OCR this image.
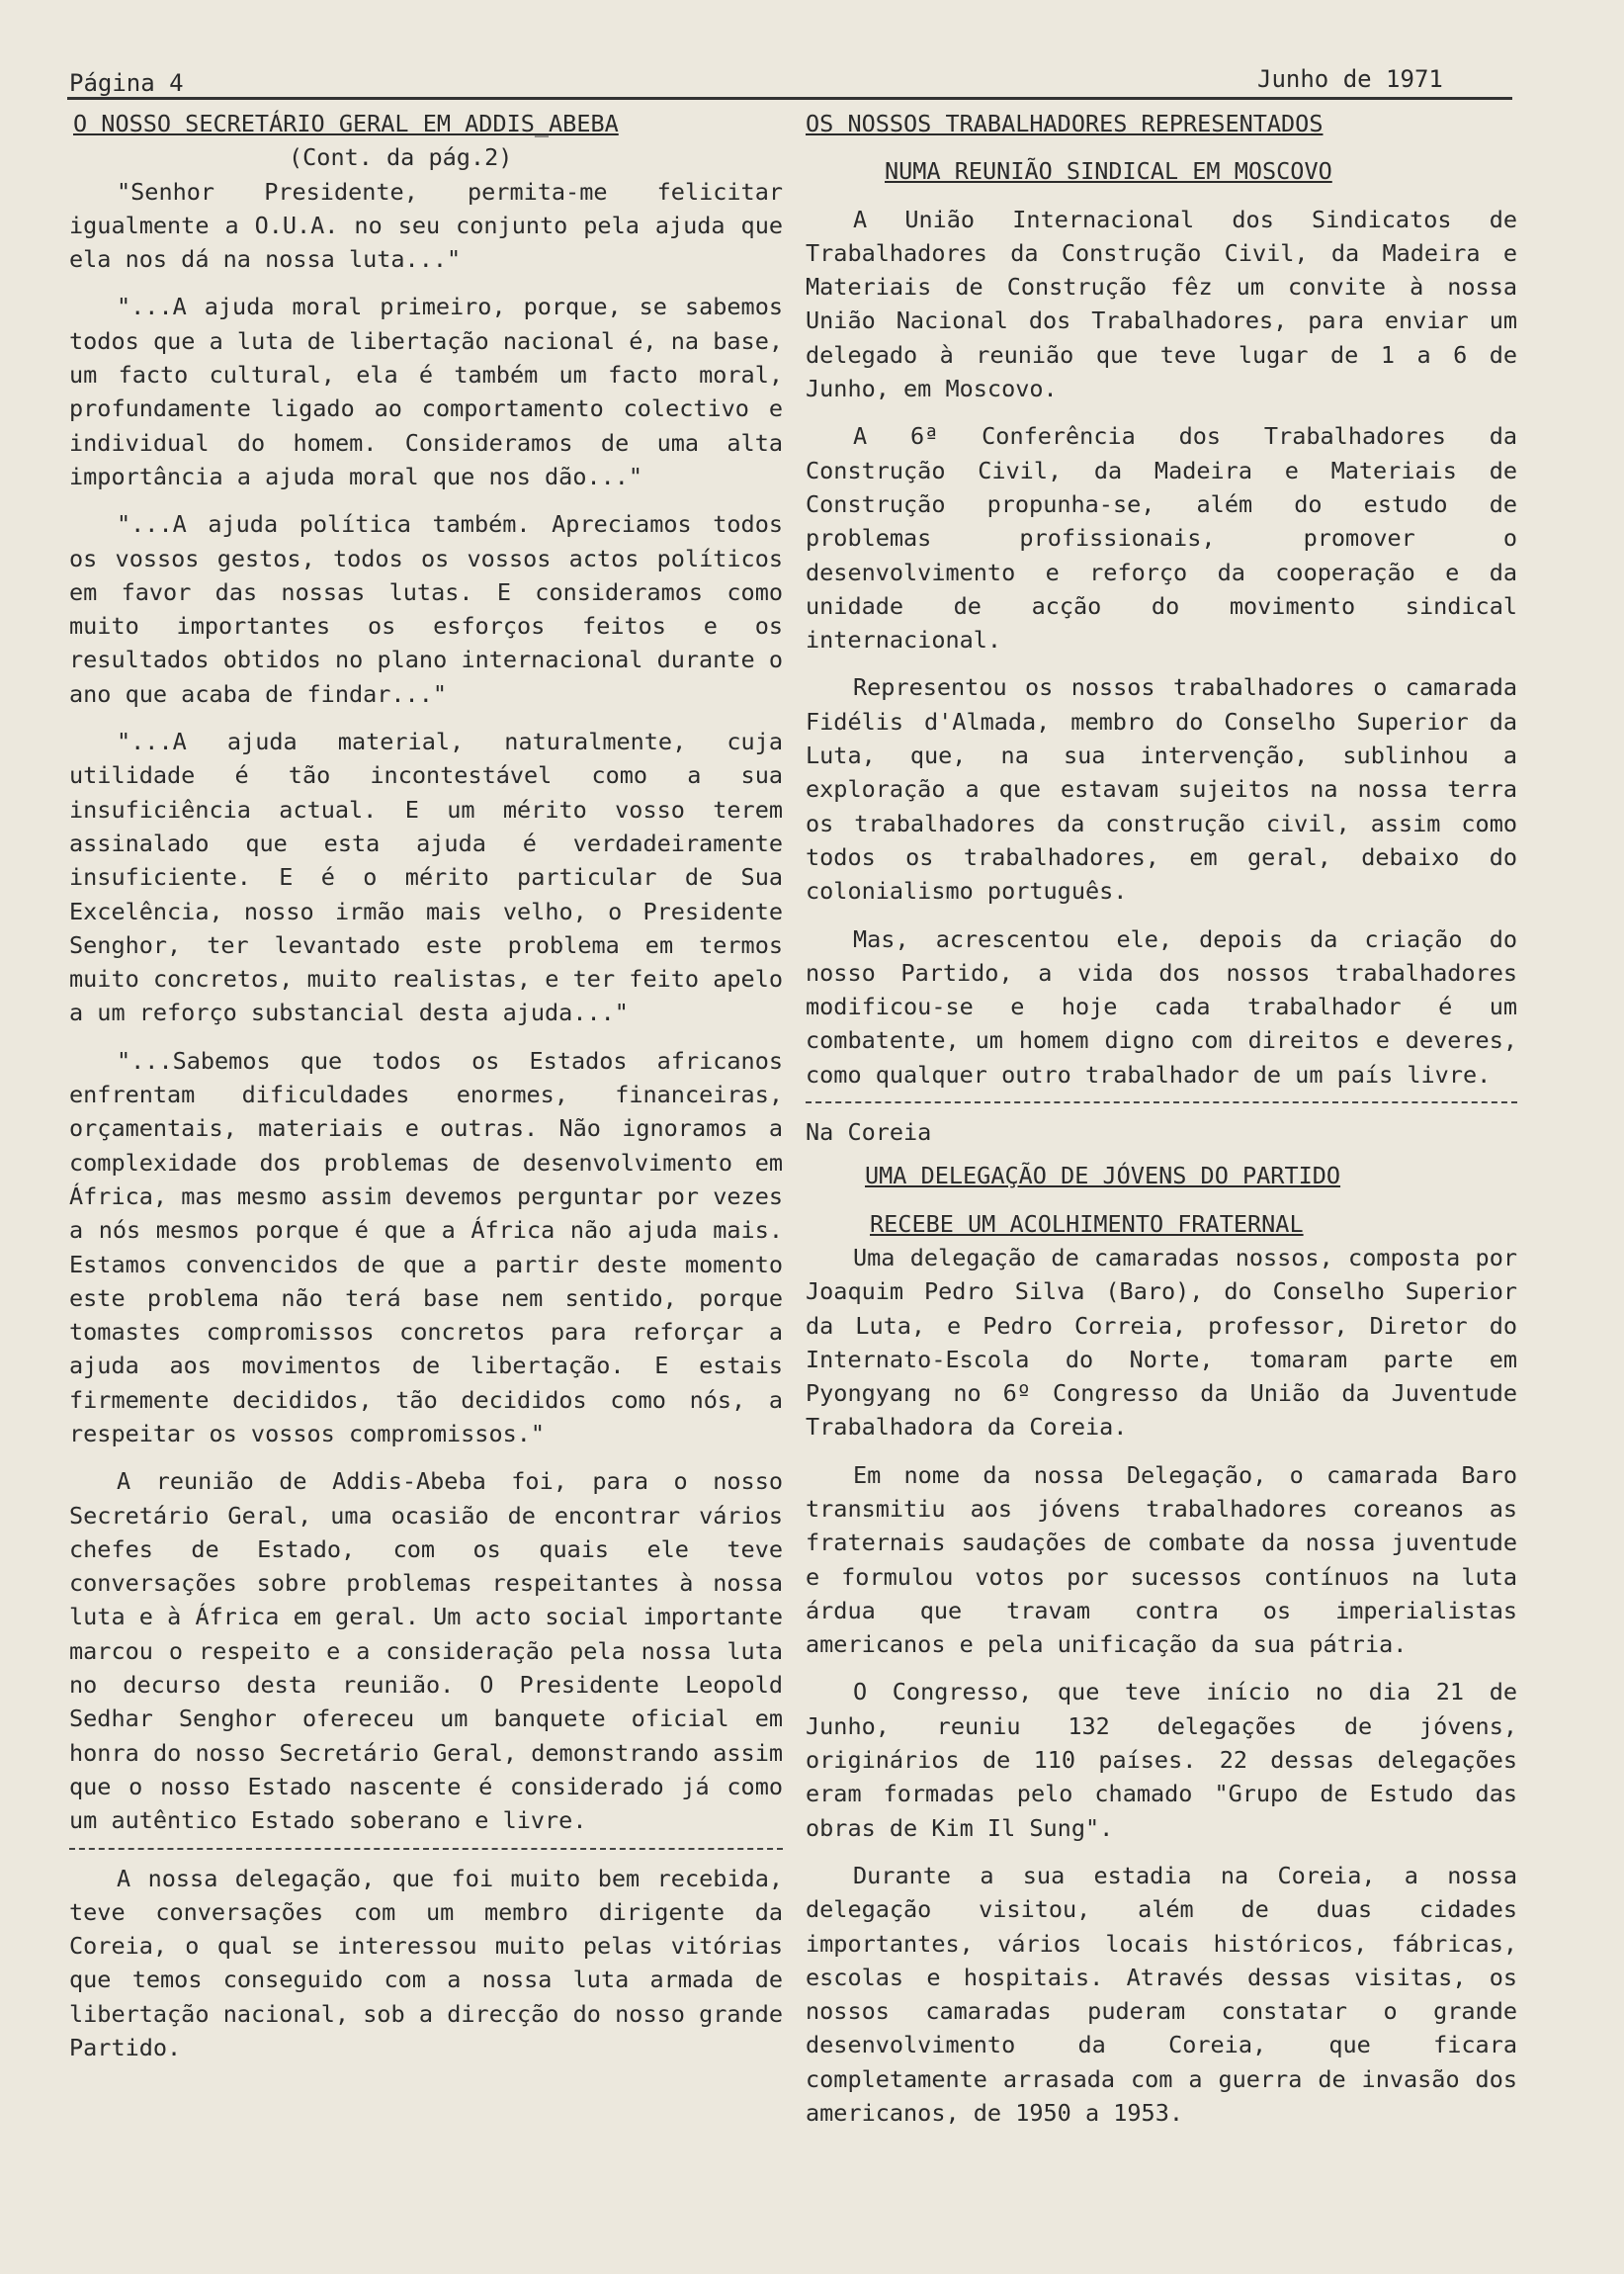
Página 4	Junho de 1971
O NOSSO SECRETÁRIO GERAL EM ADDIS_ABEBA
(Cont. da pág.2)

"Senhor Presidente, permita-me felicitar igualmente a O.U.A. no seu conjunto pela ajuda que ela nos dá na nossa luta..."

"...A ajuda moral primeiro, porque, se sabemos todos que a luta de libertação nacional é, na base, um facto cultural, ela é também um facto moral, profundamente ligado ao comportamento colectivo e individual do homem. Consideramos de uma alta importância a ajuda moral que nos dão..."

"...A ajuda política também. Apreciamos todos os vossos gestos, todos os vossos actos políticos em favor das nossas lutas. E consideramos como muito importantes os esforços feitos e os resultados obtidos no plano internacional durante o ano que acaba de findar..."

"...A ajuda material, naturalmente, cuja utilidade é tão incontestável como a sua insuficiência actual. E um mérito vosso terem assinalado que esta ajuda é verdadeiramente insuficiente. E é o mérito particular de Sua Excelência, nosso irmão mais velho, o Presidente Senghor, ter levantado este problema em termos muito concretos, muito realistas, e ter feito apelo a um reforço substancial desta ajuda..."

"...Sabemos que todos os Estados africanos enfrentam dificuldades enormes, financeiras, orçamentais, materiais e outras. Não ignoramos a complexidade dos problemas de desenvolvimento em África, mas mesmo assim devemos perguntar por vezes a nós mesmos porque é que a África não ajuda mais. Estamos convencidos de que a partir deste momento este problema não terá base nem sentido, porque tomastes compromissos concretos para reforçar a ajuda aos movimentos de libertação. E estais firmemente decididos, tão decididos como nós, a respeitar os vossos compromissos."

A reunião de Addis-Abeba foi, para o nosso Secretário Geral, uma ocasião de encontrar vários chefes de Estado, com os quais ele teve conversações sobre problemas respeitantes à nossa luta e à África em geral. Um acto social importante marcou o respeito e a consideração pela nossa luta no decurso desta reunião. O Presidente Leopold Sedhar Senghor ofereceu um banquete oficial em honra do nosso Secretário Geral, demonstrando assim que o nosso Estado nascente é considerado já como um autêntico Estado soberano e livre.

A nossa delegação, que foi muito bem recebida, teve conversações com um membro dirigente da Coreia, o qual se interessou muito pelas vitórias que temos conseguido com a nossa luta armada de libertação nacional, sob a direcção do nosso grande Partido.

OS NOSSOS TRABALHADORES REPRESENTADOS
NUMA REUNIÃO SINDICAL EM MOSCOVO

A União Internacional dos Sindicatos de Trabalhadores da Construção Civil, da Madeira e Materiais de Construção fêz um convite à nossa União Nacional dos Trabalhadores, para enviar um delegado à reunião que teve lugar de 1 a 6 de Junho, em Moscovo.

A 6ª Conferência dos Trabalhadores da Construção Civil, da Madeira e Materiais de Construção propunha-se, além do estudo de problemas profissionais, promover o desenvolvimento e reforço da cooperação e da unidade de acção do movimento sindical internacional.

Representou os nossos trabalhadores o camarada Fidélis d'Almada, membro do Conselho Superior da Luta, que, na sua intervenção, sublinhou a exploração a que estavam sujeitos na nossa terra os trabalhadores da construção civil, assim como todos os trabalhadores, em geral, debaixo do colonialismo português.

Mas, acrescentou ele, depois da criação do nosso Partido, a vida dos nossos trabalhadores modificou-se e hoje cada trabalhador é um combatente, um homem digno com direitos e deveres, como qualquer outro trabalhador de um país livre.

Na Coreia

UMA DELEGAÇÃO DE JÓVENS DO PARTIDO
RECEBE UM ACOLHIMENTO FRATERNAL

Uma delegação de camaradas nossos, composta por Joaquim Pedro Silva (Baro), do Conselho Superior da Luta, e Pedro Correia, professor, Diretor do Internato-Escola do Norte, tomaram parte em Pyongyang no 6º Congresso da União da Juventude Trabalhadora da Coreia.

Em nome da nossa Delegação, o camarada Baro transmitiu aos jóvens trabalhadores coreanos as fraternais saudações de combate da nossa juventude e formulou votos por sucessos contínuos na luta árdua que travam contra os imperialistas americanos e pela unificação da sua pátria.

O Congresso, que teve início no dia 21 de Junho, reuniu 132 delegações de jóvens, originários de 110 países. 22 dessas delegações eram formadas pelo chamado "Grupo de Estudo das obras de Kim Il Sung".

Durante a sua estadia na Coreia, a nossa delegação visitou, além de duas cidades importantes, vários locais históricos, fábricas, escolas e hospitais. Através dessas visitas, os nossos camaradas puderam constatar o grande desenvolvimento da Coreia, que ficara completamente arrasada com a guerra de invasão dos americanos, de 1950 a 1953.
